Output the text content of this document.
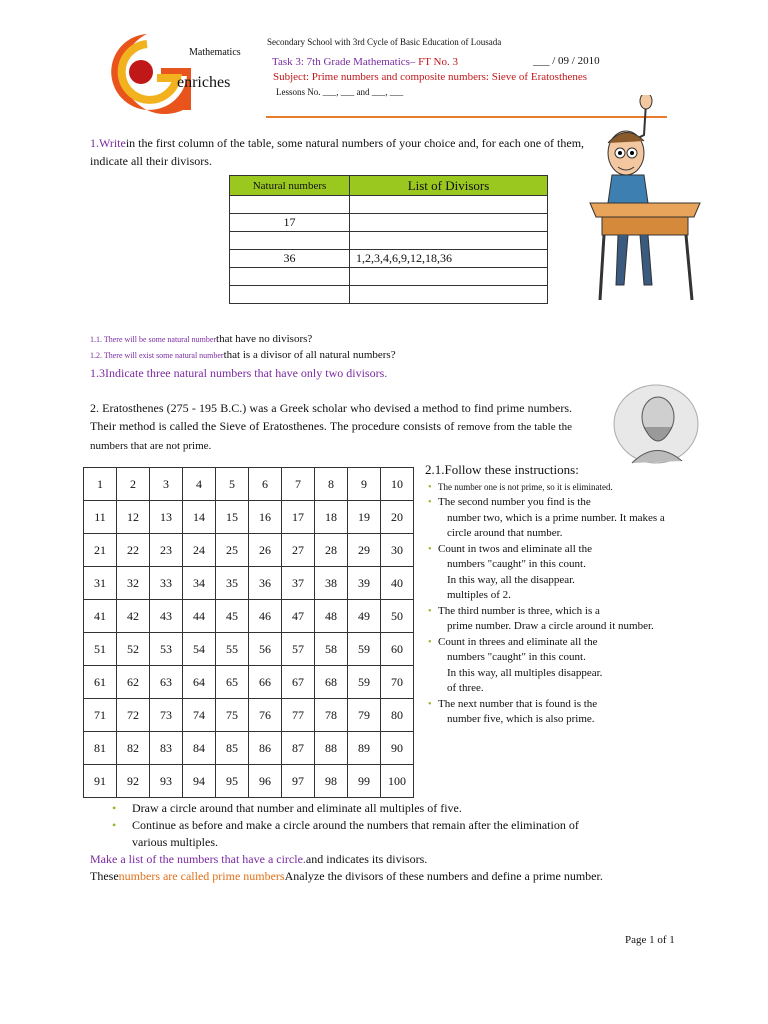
Mathematics
enriches
Secondary School with 3rd Cycle of Basic Education of Lousada
Task 3: 7th Grade Mathematics– FT No. 3	___ / 09 / 2010
Subject: Prime numbers and composite numbers: Sieve of Eratosthenes
Lessons No. ___, ___ and ___, ___
1.Writein the first column of the table, some natural numbers of your choice and, for each one of them, indicate all their divisors.
Natural numbers	List of Divisors

17	

36	1,2,3,4,6,9,12,18,36

1.1. There will be some natural numberthat have no divisors?
1.2. There will exist some natural numberthat is a divisor of all natural numbers?
1.3Indicate three natural numbers that have only two divisors.
2. Eratosthenes (275 - 195 B.C.) was a Greek scholar who devised a method to find prime numbers. Their method is called the Sieve of Eratosthenes. The procedure consists of remove from the table the numbers that are not prime.
1	2	3	4	5	6	7	8	9	10
11	12	13	14	15	16	17	18	19	20
21	22	23	24	25	26	27	28	29	30
31	32	33	34	35	36	37	38	39	40
41	42	43	44	45	46	47	48	49	50
51	52	53	54	55	56	57	58	59	60
61	62	63	64	65	66	67	68	59	70
71	72	73	74	75	76	77	78	79	80
81	82	83	84	85	86	87	88	89	90
91	92	93	94	95	96	97	98	99	100
2.1.Follow these instructions:
• The number one is not prime, so it is eliminated.
• The second number you find is the
number two, which is a prime number. It makes a circle around that number.
• Count in twos and eliminate all the
numbers "caught" in this count.
In this way, all the disappear.
multiples of 2.
• The third number is three, which is a
prime number. Draw a circle around it number.
• Count in threes and eliminate all the
numbers "caught" in this count.
In this way, all multiples disappear.
of three.
• The next number that is found is the
number five, which is also prime.
• Draw a circle around that number and eliminate all multiples of five.
• Continue as before and make a circle around the numbers that remain after the elimination of
various multiples.
Make a list of the numbers that have a circle.and indicates its divisors.
Thesenumbers are called prime numbersAnalyze the divisors of these numbers and define a prime number.
Page 1 of 1
